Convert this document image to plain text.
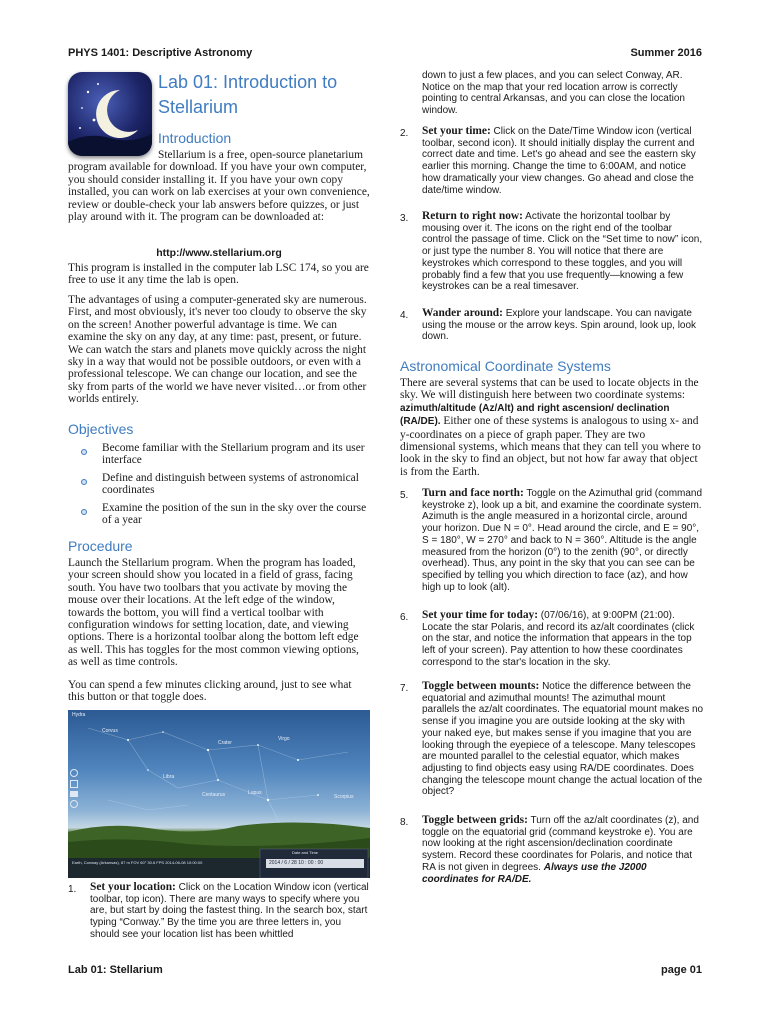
PHYS 1401: Descriptive Astronomy	Summer 2016
Lab 01: Introduction to Stellarium
Introduction
Stellarium is a free, open-source planetarium program available for download. If you have your own computer, you should consider installing it. If you have your own copy installed, you can work on lab exercises at your own convenience, review or double-check your lab answers before quizzes, or just play around with it. The program can be downloaded at:
http://www.stellarium.org
This program is installed in the computer lab LSC 174, so you are free to use it any time the lab is open.
The advantages of using a computer-generated sky are numerous. First, and most obviously, it's never too cloudy to observe the sky on the screen! Another powerful advantage is time. We can examine the sky on any day, at any time: past, present, or future. We can watch the stars and planets move quickly across the night sky in a way that would not be possible outdoors, or even with a professional telescope. We can change our location, and see the sky from parts of the world we have never visited…or from other worlds entirely.
Objectives
Become familiar with the Stellarium program and its user interface
Define and distinguish between systems of astronomical coordinates
Examine the position of the sun in the sky over the course of a year
Procedure
Launch the Stellarium program. When the program has loaded, your screen should show you located in a field of grass, facing south. You have two toolbars that you activate by moving the mouse over their locations. At the left edge of the window, towards the bottom, you will find a vertical toolbar with configuration windows for setting location, date, and viewing options. There is a horizontal toolbar along the bottom left edge as well. This has toggles for the most common viewing options, as well as time controls.
You can spend a few minutes clicking around, just to see what this button or that toggle does.
Hydra
Corvus
Crater
Virgo
Libra
Centaurus	Lupus
Scorpius
Earth, Conway (Arkansas), 87 m FOV 60° 30.6 FPS 2014-06-08 10:00:00
Date and Time
2014 / 6 / 28 10 : 00 : 00
1. Set your location: Click on the Location Window icon (vertical toolbar, top icon). There are many ways to specify where you are, but start by doing the fastest thing. In the search box, start typing “Conway.” By the time you are three letters in, you should see your location list has been whittled
down to just a few places, and you can select Conway, AR. Notice on the map that your red location arrow is correctly pointing to central Arkansas, and you can close the location window.
2. Set your time: Click on the Date/Time Window icon (vertical toolbar, second icon). It should initially display the current and correct date and time. Let's go ahead and see the eastern sky earlier this morning. Change the time to 6:00AM, and notice how dramatically your view changes. Go ahead and close the date/time window.
3. Return to right now: Activate the horizontal toolbar by mousing over it. The icons on the right end of the toolbar control the passage of time. Click on the “Set time to now” icon, or just type the number 8. You will notice that there are keystrokes which correspond to these toggles, and you will probably find a few that you use frequently—knowing a few keystrokes can be a real timesaver.
4. Wander around: Explore your landscape. You can navigate using the mouse or the arrow keys. Spin around, look up, look down.
Astronomical Coordinate Systems
There are several systems that can be used to locate objects in the sky. We will distinguish here between two coordinate systems: azimuth/altitude (Az/Alt) and right ascension/ declination (RA/DE). Either one of these systems is analogous to using x- and y-coordinates on a piece of graph paper. They are two dimensional systems, which means that they can tell you where to look in the sky to find an object, but not how far away that object is from the Earth.
5. Turn and face north: Toggle on the Azimuthal grid (command keystroke z), look up a bit, and examine the coordinate system. Azimuth is the angle measured in a horizontal circle, around your horizon. Due N = 0°. Head around the circle, and E = 90°, S = 180°, W = 270° and back to N = 360°. Altitude is the angle measured from the horizon (0°) to the zenith (90°, or directly overhead). Thus, any point in the sky that you can see can be specified by telling you which direction to face (az), and how high up to look (alt).
6. Set your time for today: (07/06/16), at 9:00PM (21:00). Locate the star Polaris, and record its az/alt coordinates (click on the star, and notice the information that appears in the top left of your screen). Pay attention to how these coordinates correspond to the star's location in the sky.
7. Toggle between mounts: Notice the difference between the equatorial and azimuthal mounts! The azimuthal mount parallels the az/alt coordinates. The equatorial mount makes no sense if you imagine you are outside looking at the sky with your naked eye, but makes sense if you imagine that you are looking through the eyepiece of a telescope. Many telescopes are mounted parallel to the celestial equator, which makes adjusting to find objects easy using RA/DE coordinates. Does changing the telescope mount change the actual location of the object?
8. Toggle between grids: Turn off the az/alt coordinates (z), and toggle on the equatorial grid (command keystroke e). You are now looking at the right ascension/declination coordinate system. Record these coordinates for Polaris, and notice that RA is not given in degrees. Always use the J2000 coordinates for RA/DE.
Lab 01: Stellarium	page 01
